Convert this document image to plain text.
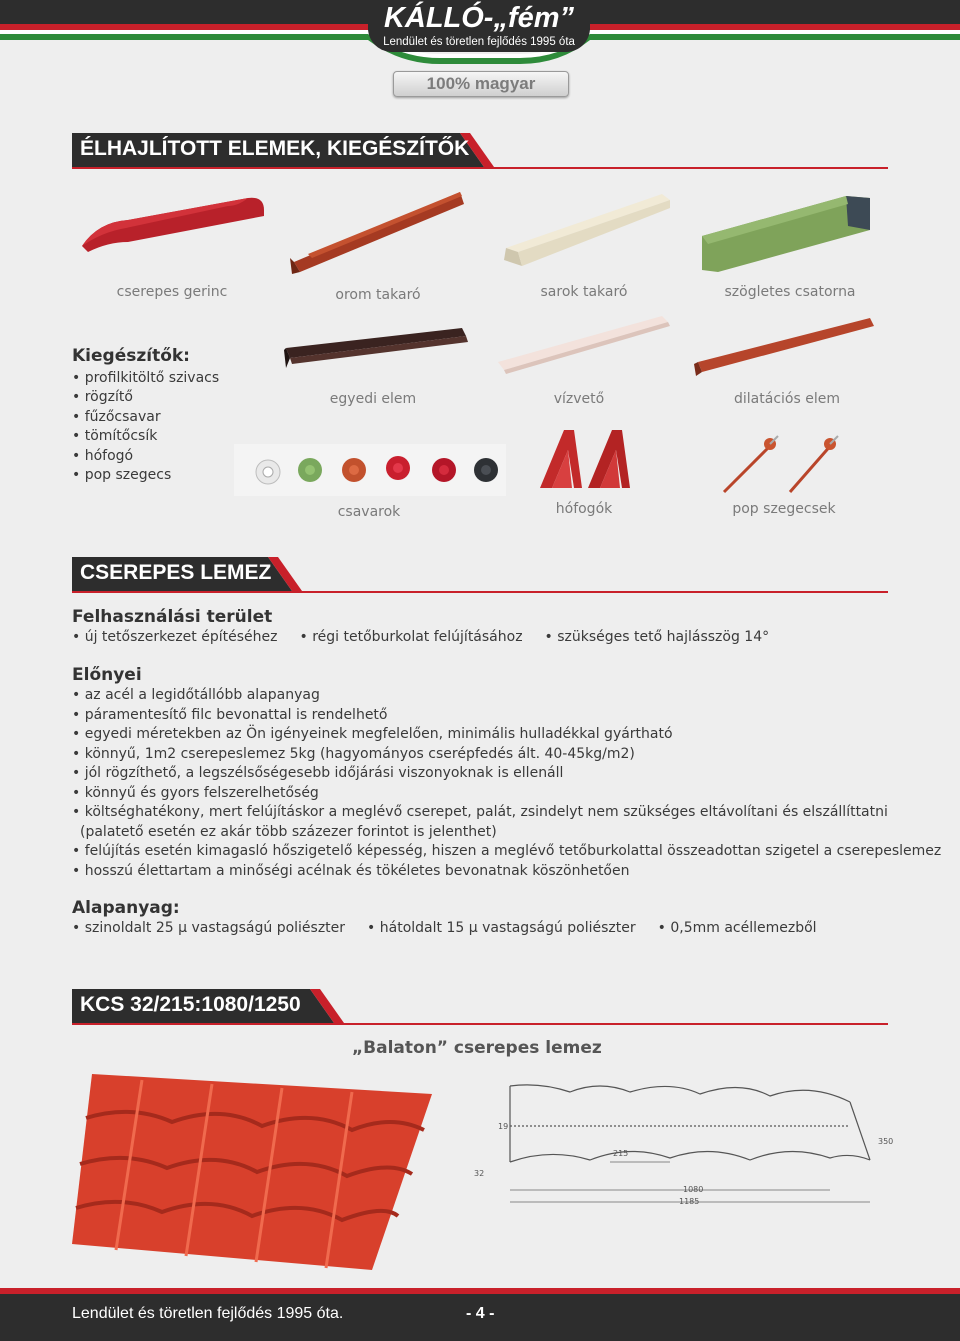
KÁLLÓ-„fém”
Lendület és töretlen fejlődés 1995 óta
100% magyar
ÉLHAJLÍTOTT ELEMEK, KIEGÉSZÍTŐK
cserepes gerinc	orom takaró	sarok takaró	szögletes csatorna
Kiegészítők:
• profilkitöltő szivacs
• rögzítő
• fűzőcsavar
• tömítőcsík
• hófogó
• pop szegecs
egyedi elem	vízvető	dilatációs elem
csavarok	hófogók	pop szegecsek
CSEREPES LEMEZ
Felhasználási terület
• új tetőszerkezet építéséhez • régi tetőburkolat felújításához • szükséges tető hajlásszög 14°
Előnyei
• az acél a legidőtállóbb alapanyag
• páramentesítő filc bevonattal is rendelhető
• egyedi méretekben az Ön igényeinek megfelelően, minimális hulladékkal gyártható
• könnyű, 1m2 cserepeslemez 5kg (hagyományos cserépfedés ált. 40-45kg/m2)
• jól rögzíthető, a legszélsőségesebb időjárási viszonyoknak is ellenáll
• könnyű és gyors felszerelhetőség
• költséghatékony, mert felújításkor a meglévő cserepet, palát, zsindelyt nem szükséges eltávolítani és elszállíttatni
(palatető esetén ez akár több százezer forintot is jelenthet)
• felújítás esetén kimagasló hőszigetelő képesség, hiszen a meglévő tetőburkolattal összeadottan szigetel a cserepeslemez
• hosszú élettartam a minőségi acélnak és tökéletes bevonatnak köszönhetően
Alapanyag:
• szinoldalt 25 μ vastagságú poliészter • hátoldalt 15 μ vastagságú poliészter • 0,5mm acéllemezből
KCS 32/215:1080/1250
„Balaton” cserepes lemez
19
215
350
32
1080
1185
Lendület és töretlen fejlődés 1995 óta.	- 4 -
